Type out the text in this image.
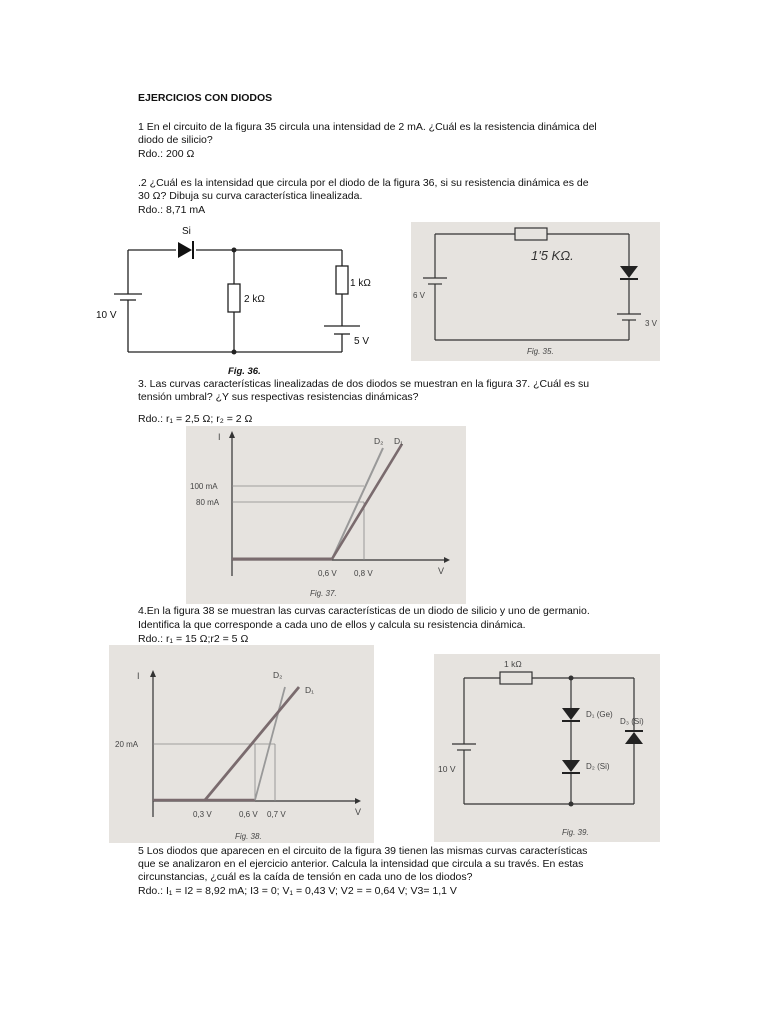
EJERCICIOS CON DIODOS
1 En el circuito de la figura 35 circula una intensidad de 2 mA. ¿Cuál es la resistencia dinámica del
diodo de silicio?
Rdo.: 200 Ω
.2 ¿Cuál es la intensidad que circula por el diodo de la figura 36, si su resistencia dinámica es de
30 Ω? Dibuja su curva característica linealizada.
Rdo.: 8,71 mA
Si
2 kΩ
1 kΩ
10 V
5 V
Fig. 36.
1'5 KΩ.
6 V
3 V
Fig. 35.
3. Las curvas características linealizadas de dos diodos se muestran en la figura 37. ¿Cuál es su
tensión umbral? ¿Y sus respectivas resistencias dinámicas?
Rdo.: r₁ = 2,5 Ω; r₂ = 2 Ω
I
V
100 mA
80 mA
0,6 V 0,8 V
D₂ D₁
Fig. 37.
4.En la figura 38 se muestran las curvas características de un diodo de silicio y uno de germanio.
Identifica la que corresponde a cada uno de ellos y calcula su resistencia dinámica.
Rdo.: r₁ = 15 Ω;r2 = 5 Ω
I
V
20 mA
0,3 V	0,6 V 0,7 V
D₂
D₁
Fig. 38.
1 kΩ
10 V
D₁ (Ge)
D₂ (Si)
D₃ (Si)
Fig. 39.
5 Los diodos que aparecen en el circuito de la figura 39 tienen las mismas curvas características
que se analizaron en el ejercicio anterior. Calcula la intensidad que circula a su través. En estas
circunstancias, ¿cuál es la caída de tensión en cada uno de los diodos?
Rdo.: I₁ = I2 = 8,92 mA; I3 = 0; V₁ = 0,43 V; V2 = = 0,64 V; V3= 1,1 V
